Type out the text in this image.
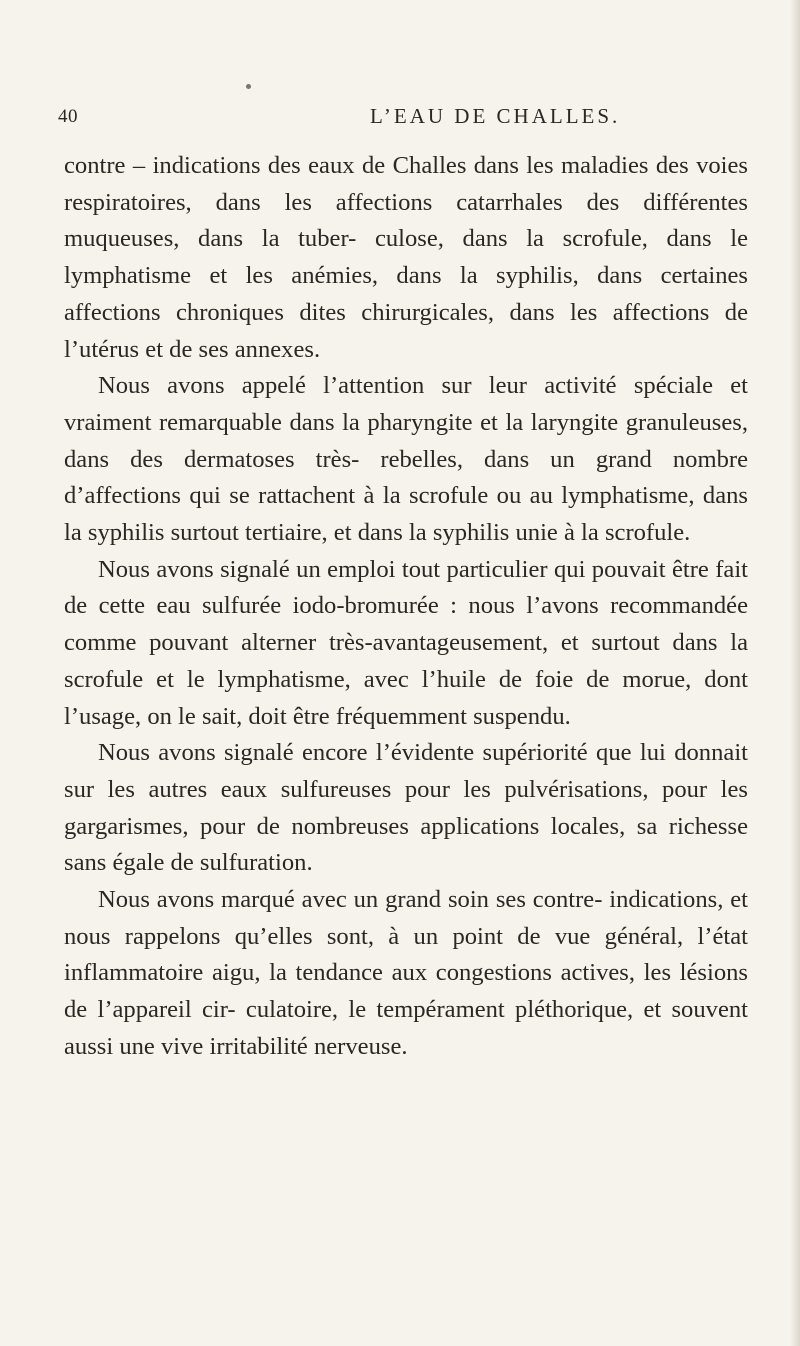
40	L’EAU DE CHALLES.

contre – indications des eaux de Challes dans les maladies des voies respiratoires, dans les affections catarrhales des différentes muqueuses, dans la tuber- culose, dans la scrofule, dans le lymphatisme et les anémies, dans la syphilis, dans certaines affections chroniques dites chirurgicales, dans les affections de l’utérus et de ses annexes.

Nous avons appelé l’attention sur leur activité spéciale et vraiment remarquable dans la pharyngite et la laryngite granuleuses, dans des dermatoses très- rebelles, dans un grand nombre d’affections qui se rattachent à la scrofule ou au lymphatisme, dans la syphilis surtout tertiaire, et dans la syphilis unie à la scrofule.

Nous avons signalé un emploi tout particulier qui pouvait être fait de cette eau sulfurée iodo-bromurée : nous l’avons recommandée comme pouvant alterner très-avantageusement, et surtout dans la scrofule et le lymphatisme, avec l’huile de foie de morue, dont l’usage, on le sait, doit être fréquemment suspendu.

Nous avons signalé encore l’évidente supériorité que lui donnait sur les autres eaux sulfureuses pour les pulvérisations, pour les gargarismes, pour de nombreuses applications locales, sa richesse sans égale de sulfuration.

Nous avons marqué avec un grand soin ses contre- indications, et nous rappelons qu’elles sont, à un point de vue général, l’état inflammatoire aigu, la tendance aux congestions actives, les lésions de l’appareil cir- culatoire, le tempérament pléthorique, et souvent aussi une vive irritabilité nerveuse.
